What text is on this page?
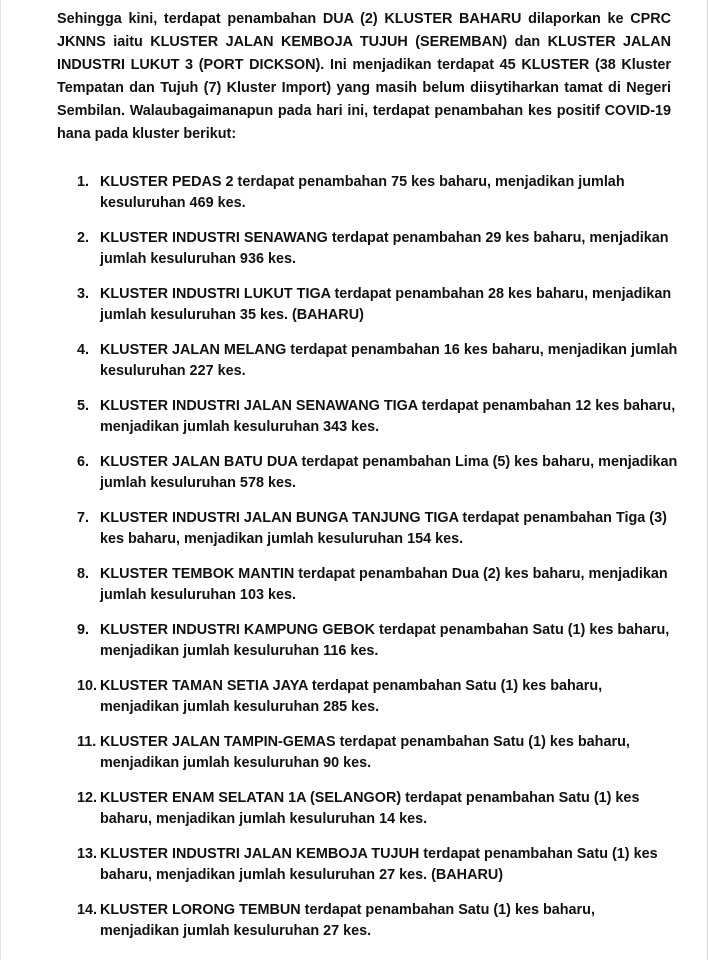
Sehingga kini, terdapat penambahan DUA (2) KLUSTER BAHARU dilaporkan ke CPRC JKNNS iaitu KLUSTER JALAN KEMBOJA TUJUH (SEREMBAN) dan KLUSTER JALAN INDUSTRI LUKUT 3 (PORT DICKSON). Ini menjadikan terdapat 45 KLUSTER (38 Kluster Tempatan dan Tujuh (7) Kluster Import) yang masih belum diisytiharkan tamat di Negeri Sembilan. Walaubagaimanapun pada hari ini, terdapat penambahan kes positif COVID-19 hana pada kluster berikut:

1. KLUSTER PEDAS 2 terdapat penambahan 75 kes baharu, menjadikan jumlah kesuluruhan 469 kes.
2. KLUSTER INDUSTRI SENAWANG terdapat penambahan 29 kes baharu, menjadikan jumlah kesuluruhan 936 kes.
3. KLUSTER INDUSTRI LUKUT TIGA terdapat penambahan 28 kes baharu, menjadikan jumlah kesuluruhan 35 kes. (BAHARU)
4. KLUSTER JALAN MELANG terdapat penambahan 16 kes baharu, menjadikan jumlah kesuluruhan 227 kes.
5. KLUSTER INDUSTRI JALAN SENAWANG TIGA terdapat penambahan 12 kes baharu, menjadikan jumlah kesuluruhan 343 kes.
6. KLUSTER JALAN BATU DUA terdapat penambahan Lima (5) kes baharu, menjadikan jumlah kesuluruhan 578 kes.
7. KLUSTER INDUSTRI JALAN BUNGA TANJUNG TIGA terdapat penambahan Tiga (3) kes baharu, menjadikan jumlah kesuluruhan 154 kes.
8. KLUSTER TEMBOK MANTIN terdapat penambahan Dua (2) kes baharu, menjadikan jumlah kesuluruhan 103 kes.
9. KLUSTER INDUSTRI KAMPUNG GEBOK terdapat penambahan Satu (1) kes baharu, menjadikan jumlah kesuluruhan 116 kes.
10. KLUSTER TAMAN SETIA JAYA terdapat penambahan Satu (1) kes baharu, menjadikan jumlah kesuluruhan 285 kes.
11. KLUSTER JALAN TAMPIN-GEMAS terdapat penambahan Satu (1) kes baharu, menjadikan jumlah kesuluruhan 90 kes.
12. KLUSTER ENAM SELATAN 1A (SELANGOR) terdapat penambahan Satu (1) kes baharu, menjadikan jumlah kesuluruhan 14 kes.
13. KLUSTER INDUSTRI JALAN KEMBOJA TUJUH terdapat penambahan Satu (1) kes baharu, menjadikan jumlah kesuluruhan 27 kes. (BAHARU)
14. KLUSTER LORONG TEMBUN terdapat penambahan Satu (1) kes baharu, menjadikan jumlah kesuluruhan 27 kes.
